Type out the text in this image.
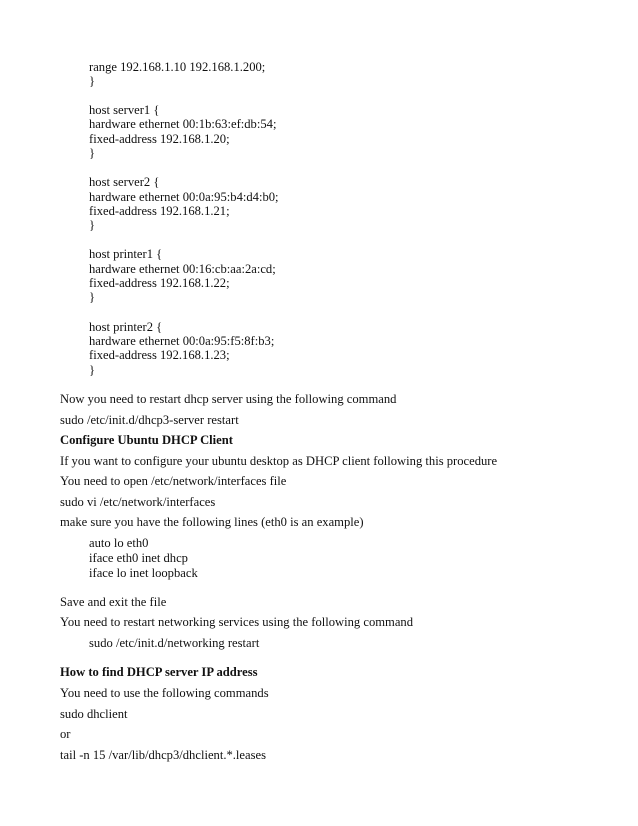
range 192.168.1.10 192.168.1.200;
}
host server1 {
hardware ethernet 00:1b:63:ef:db:54;
fixed-address 192.168.1.20;
}
host server2 {
hardware ethernet 00:0a:95:b4:d4:b0;
fixed-address 192.168.1.21;
}
host printer1 {
hardware ethernet 00:16:cb:aa:2a:cd;
fixed-address 192.168.1.22;
}
host printer2 {
hardware ethernet 00:0a:95:f5:8f:b3;
fixed-address 192.168.1.23;
}
Now you need to restart dhcp server using the following command
sudo /etc/init.d/dhcp3-server restart
Configure Ubuntu DHCP Client
If you want to configure your ubuntu desktop as DHCP client following this procedure
You need to open /etc/network/interfaces file
sudo vi /etc/network/interfaces
make sure you have the following lines (eth0 is an example)
auto lo eth0
iface eth0 inet dhcp
iface lo inet loopback
Save and exit the file
You need to restart networking services using the following command
sudo /etc/init.d/networking restart
How to find DHCP server IP address
You need to use the following commands
sudo dhclient
or
tail -n 15 /var/lib/dhcp3/dhclient.*.leases
